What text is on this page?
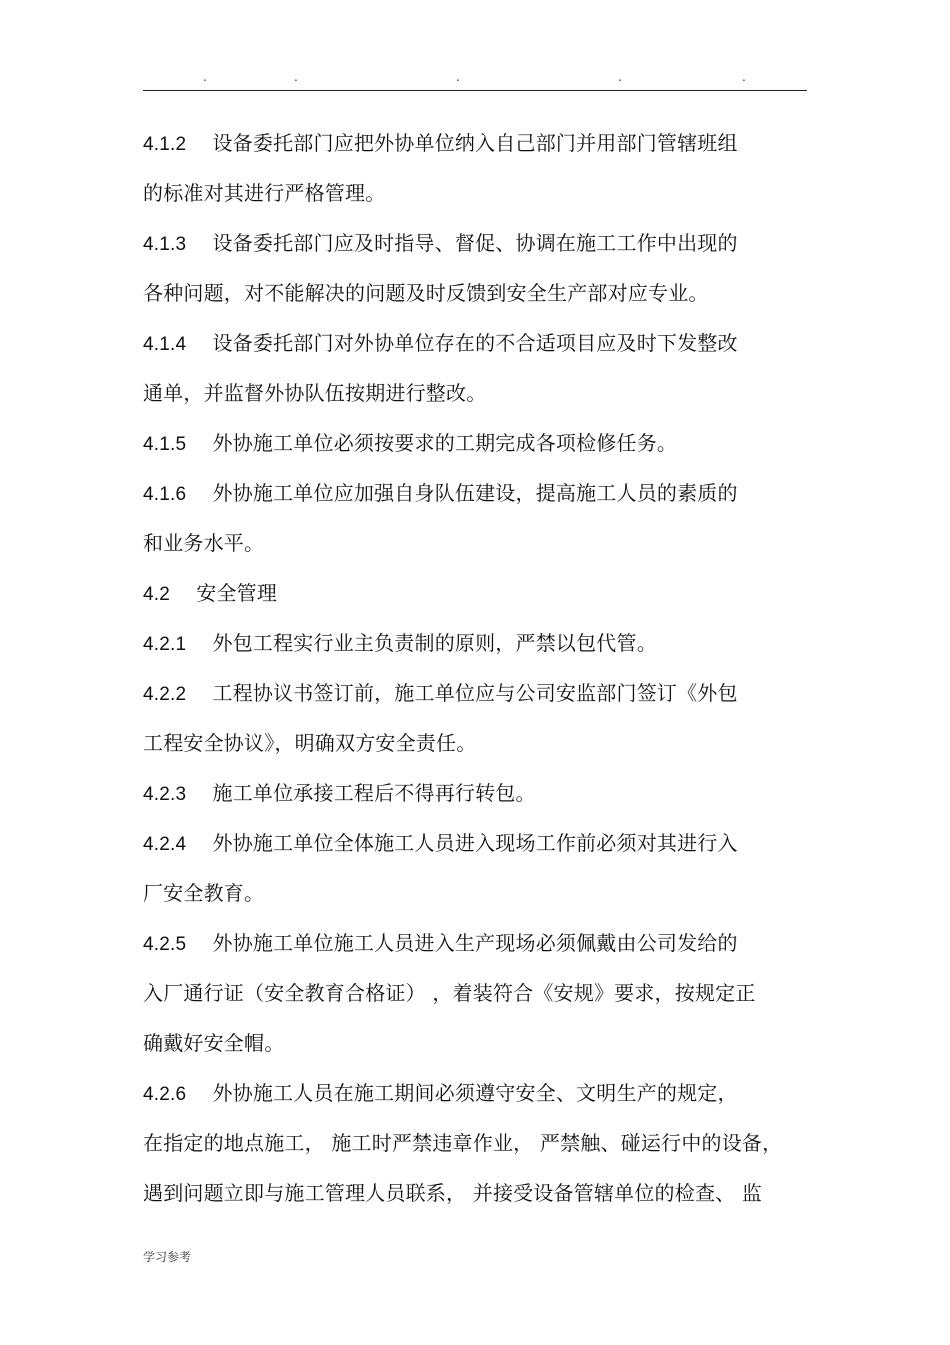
.	.	.	.	.
4.1.2 设备委托部门应把外协单位纳入自己部门并用部门管辖班组
的标准对其进行严格管理。
4.1.3 设备委托部门应及时指导、督促、协调在施工工作中出现的
各种问题，对不能解决的问题及时反馈到安全生产部对应专业。
4.1.4 设备委托部门对外协单位存在的不合适项目应及时下发整改
通单，并监督外协队伍按期进行整改。
4.1.5 外协施工单位必须按要求的工期完成各项检修任务。
4.1.6 外协施工单位应加强自身队伍建设，提高施工人员的素质的
和业务水平。
4.2 安全管理
4.2.1 外包工程实行业主负责制的原则，严禁以包代管。
4.2.2 工程协议书签订前，施工单位应与公司安监部门签订《外包
工程安全协议》，明确双方安全责任。
4.2.3 施工单位承接工程后不得再行转包。
4.2.4 外协施工单位全体施工人员进入现场工作前必须对其进行入
厂安全教育。
4.2.5 外协施工单位施工人员进入生产现场必须佩戴由公司发给的
入厂通行证（安全教育合格证） ，着装符合《安规》要求，按规定正
确戴好安全帽。
4.2.6 外协施工人员在施工期间必须遵守安全、文明生产的规定，
在指定的地点施工， 施工时严禁违章作业， 严禁触、碰运行中的设备，
遇到问题立即与施工管理人员联系， 并接受设备管辖单位的检查、 监
学习参考
